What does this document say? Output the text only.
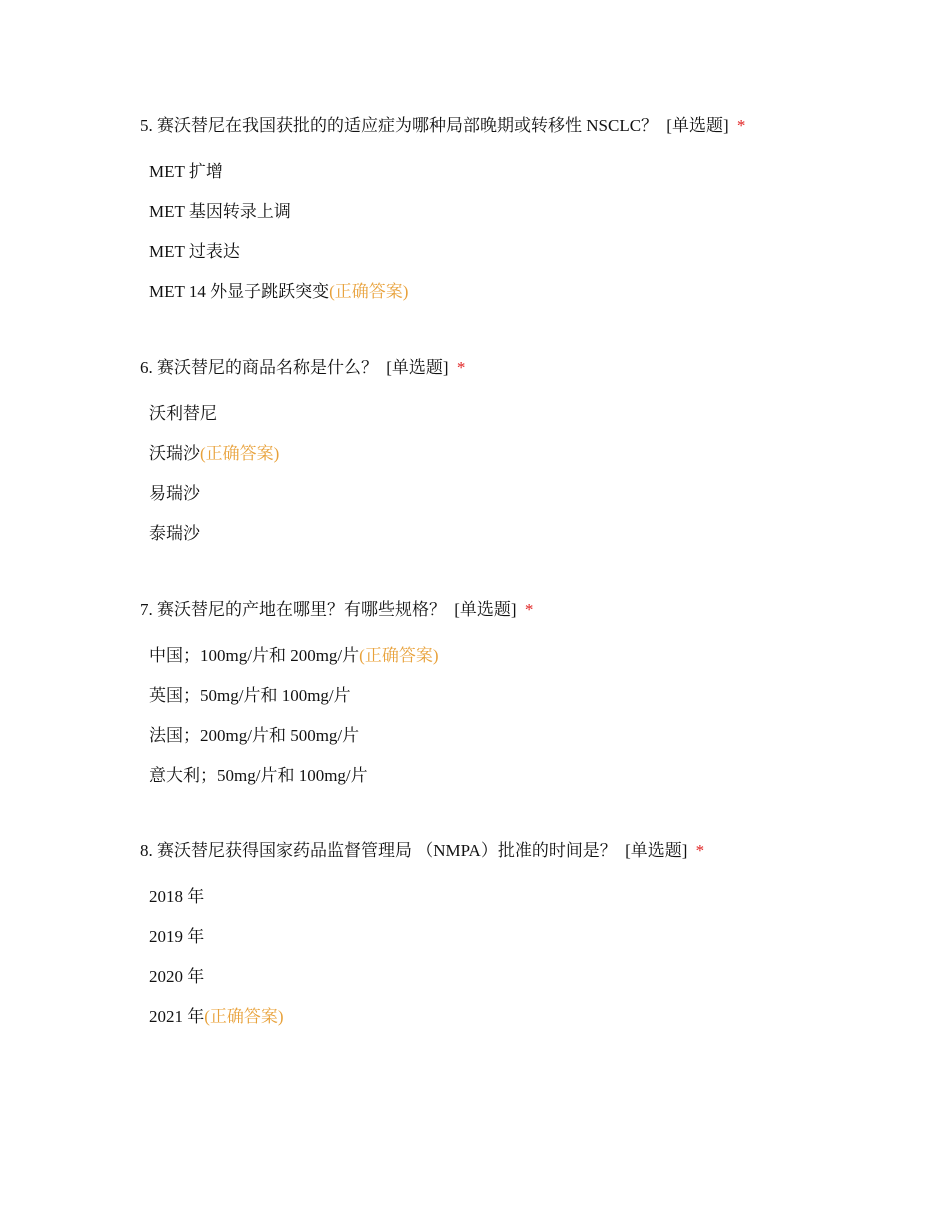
5. 赛沃替尼在我国获批的的适应症为哪种局部晚期或转移性 NSCLC？ [单选题] *
MET 扩增
MET 基因转录上调
MET 过表达
MET 14 外显子跳跃突变(正确答案)
6. 赛沃替尼的商品名称是什么？ [单选题] *
沃利替尼
沃瑞沙(正确答案)
易瑞沙
泰瑞沙
7. 赛沃替尼的产地在哪里？有哪些规格？ [单选题] *
中国；100mg/片和 200mg/片(正确答案)
英国；50mg/片和 100mg/片
法国；200mg/片和 500mg/片
意大利；50mg/片和 100mg/片
8. 赛沃替尼获得国家药品监督管理局 （NMPA）批准的时间是？ [单选题] *
2018 年
2019 年
2020 年
2021 年(正确答案)
